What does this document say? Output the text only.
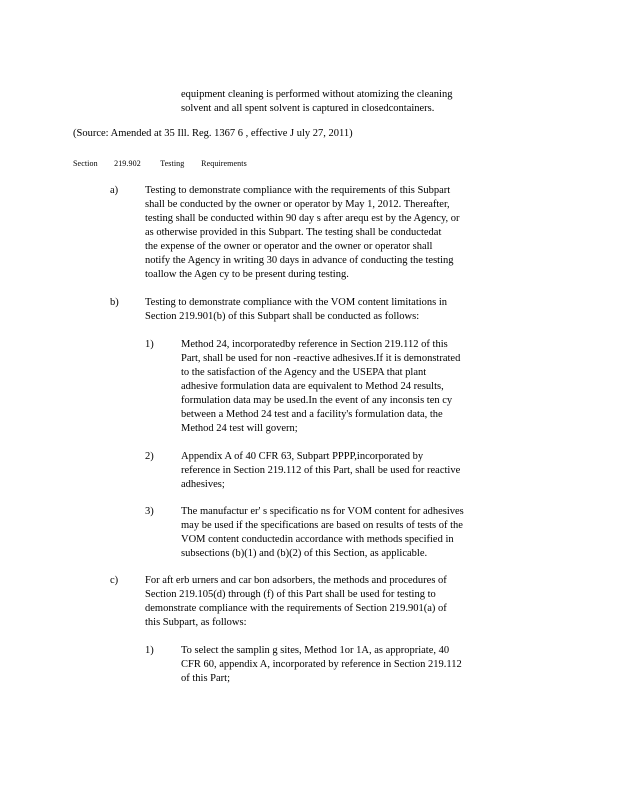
equipment cleaning is performed without atomizing the cleaning

solvent and all spent solvent is captured in closedcontainers.

(Source: Amended at 35 Ill. Reg. 1367 6 , effective J uly 27, 2011)

Section 219.902 Testing        Requirements
a)	Testing to demonstrate compliance with the requirements of this Subpart

shall be conducted by the owner or operator by May 1, 2012. Thereafter,

testing shall be conducted within 90 day s after arequ est by the Agency, or

as otherwise provided in this Subpart. The testing shall be conductedat

the expense of the owner or operator and the owner or operator shall

notify the Agency in writing 30 days in advance of conducting the testing

toallow the Agen cy to be present during testing.

b)	Testing to demonstrate compliance with the VOM content limitations in

Section 219.901(b) of this Subpart shall be conducted as follows:

1)	Method 24, incorporatedby reference in Section 219.112 of this

Part, shall be used for non -reactive adhesives.If it is demonstrated

to the satisfaction of the Agency and the USEPA that plant

adhesive formulation data are equivalent to Method 24 results,

formulation data may be used.In the event of any inconsis ten cy

between a Method 24 test and a facility's formulation data, the

Method 24 test will govern;

2)	Appendix A of 40 CFR 63, Subpart PPPP,incorporated by

reference in Section 219.112 of this Part, shall be used for reactive

adhesives;

3)	The manufactur er' s specificatio ns for VOM content for adhesives

may be used if the specifications are based on results of tests of the

VOM content conductedin accordance with methods specified in

subsections (b)(1) and (b)(2) of this Section, as applicable.

c)	For aft erb urners and car bon adsorbers, the methods and procedures of

Section 219.105(d) through (f) of this Part shall be used for testing to

demonstrate compliance with the requirements of Section 219.901(a) of

this Subpart, as follows:

1)	To select the samplin g sites, Method 1or 1A, as appropriate, 40

CFR 60, appendix A, incorporated by reference in Section 219.112

of this Part;
